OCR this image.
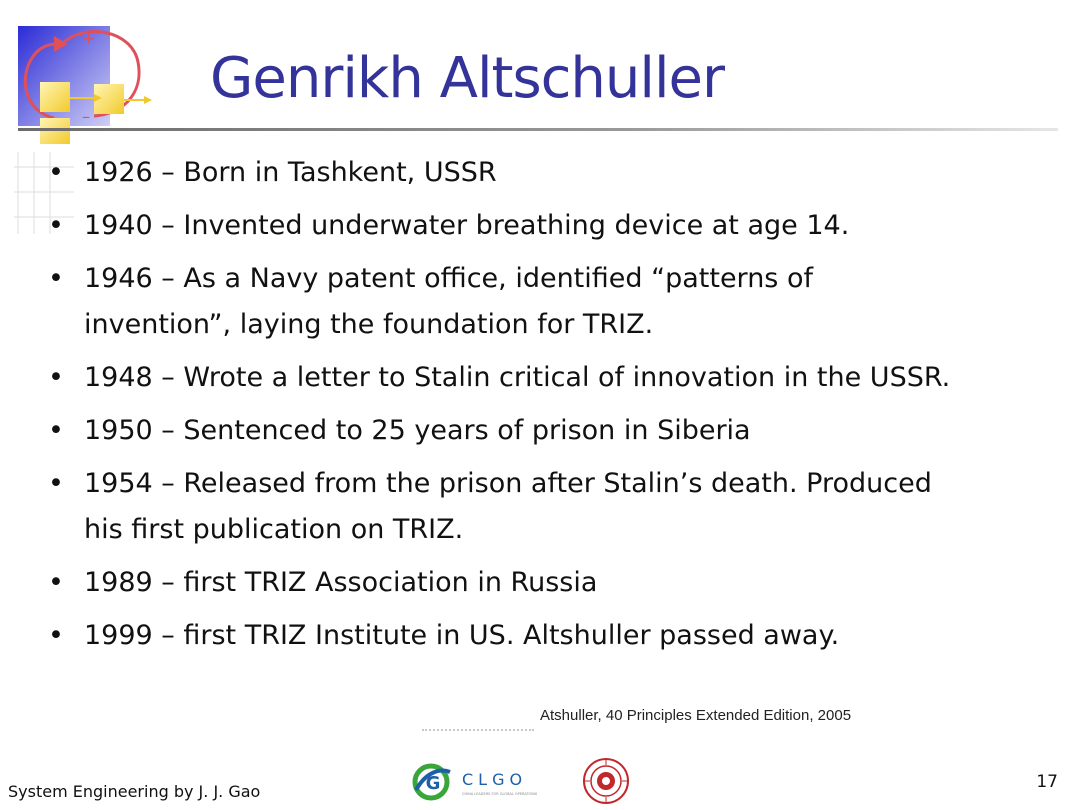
+
–
Genrikh Altschuller
• 1926 – Born in Tashkent, USSR
• 1940 – Invented underwater breathing device at age 14.
• 1946 – As a Navy patent office, identified “patterns of invention”, laying the foundation for TRIZ.
• 1948 – Wrote a letter to Stalin critical of innovation in the USSR.
• 1950 – Sentenced to 25 years of prison in Siberia
• 1954 – Released from the prison after Stalin’s death. Produced his first publication on TRIZ.
• 1989 – first TRIZ Association in Russia
• 1999 – first TRIZ Institute in US. Altshuller passed away.
Atshuller, 40 Principles Extended Edition, 2005
System Engineering by J. J. Gao	G CLGO
CHINA LEADERS FOR GLOBAL OPERATIONS
17
